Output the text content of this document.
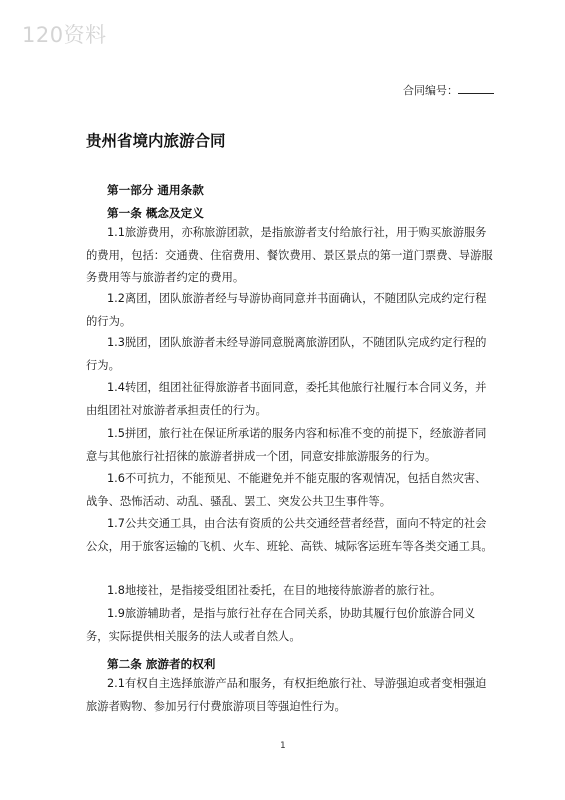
120资料
合同编号：
贵州省境内旅游合同
第一部分 通用条款
第一条 概念及定义
1.1旅游费用，亦称旅游团款，是指旅游者支付给旅行社，用于购买旅游服务的费用，包括：交通费、住宿费用、餐饮费用、景区景点的第一道门票费、导游服务费用等与旅游者约定的费用。
1.2离团，团队旅游者经与导游协商同意并书面确认，不随团队完成约定行程的行为。
1.3脱团，团队旅游者未经导游同意脱离旅游团队，不随团队完成约定行程的行为。
1.4转团，组团社征得旅游者书面同意，委托其他旅行社履行本合同义务，并由组团社对旅游者承担责任的行为。
1.5拼团，旅行社在保证所承诺的服务内容和标准不变的前提下，经旅游者同意与其他旅行社招徕的旅游者拼成一个团，同意安排旅游服务的行为。
1.6不可抗力，不能预见、不能避免并不能克服的客观情况，包括自然灾害、战争、恐怖活动、动乱、骚乱、罢工、突发公共卫生事件等。
1.7公共交通工具，由合法有资质的公共交通经营者经营，面向不特定的社会公众，用于旅客运输的飞机、火车、班轮、高铁、城际客运班车等各类交通工具。
1.8地接社，是指接受组团社委托，在目的地接待旅游者的旅行社。
1.9旅游辅助者，是指与旅行社存在合同关系，协助其履行包价旅游合同义务，实际提供相关服务的法人或者自然人。
第二条 旅游者的权利
2.1有权自主选择旅游产品和服务，有权拒绝旅行社、导游强迫或者变相强迫旅游者购物、参加另行付费旅游项目等强迫性行为。
1
